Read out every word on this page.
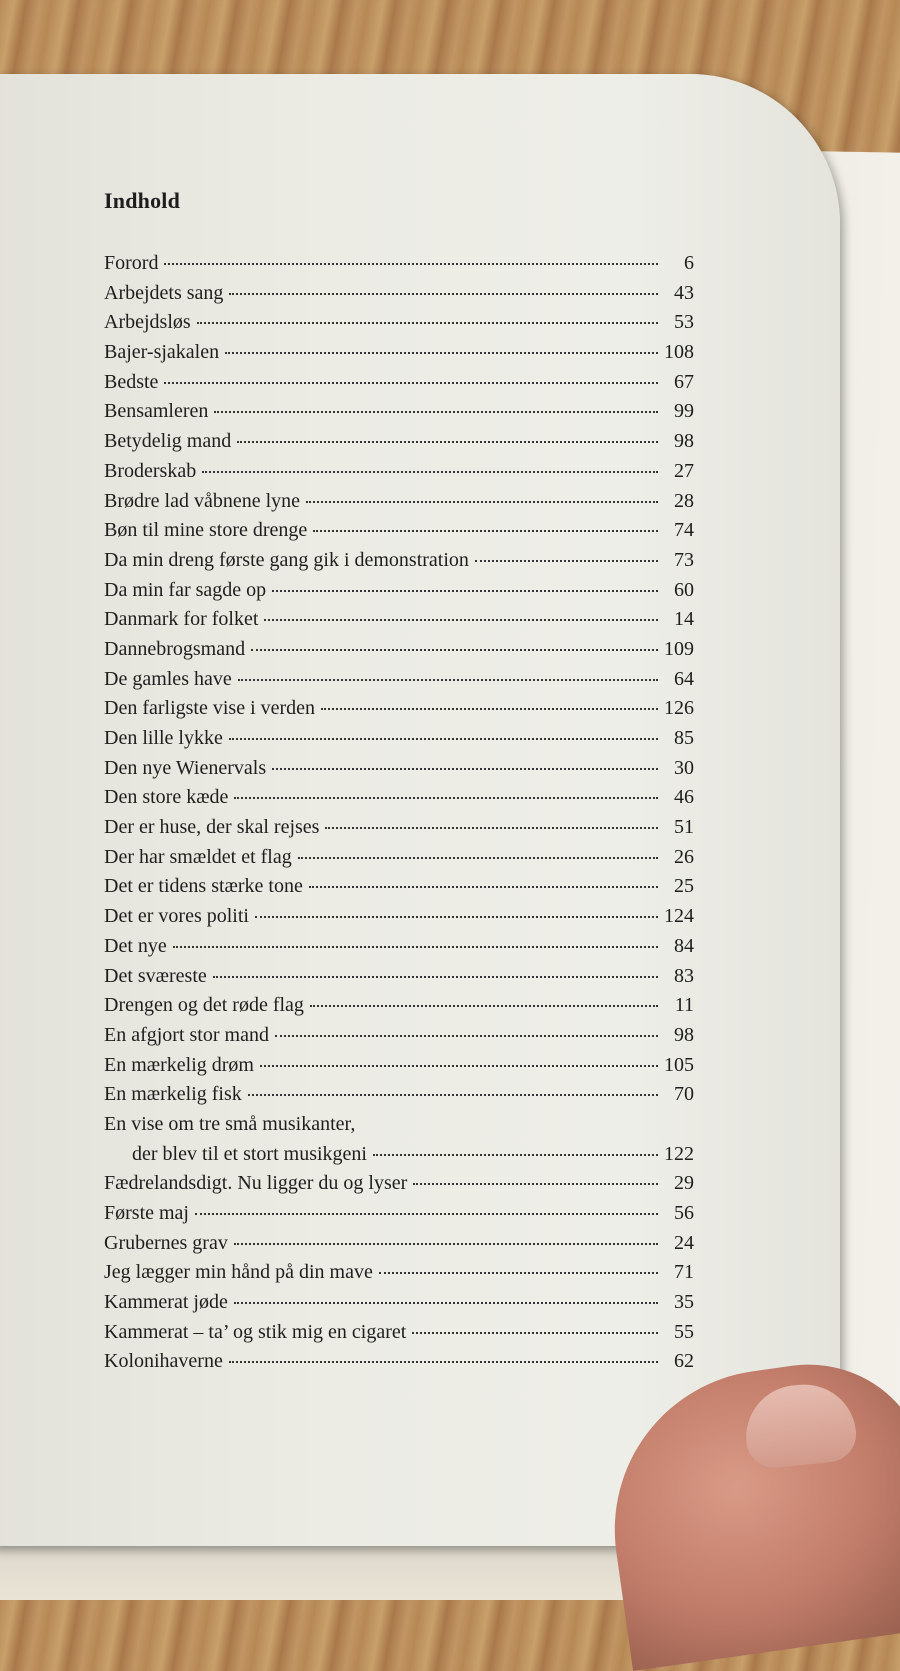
Indhold
Forord	6
Arbejdets sang	43
Arbejdsløs	53
Bajer-sjakalen	108
Bedste	67
Bensamleren	99
Betydelig mand	98
Broderskab	27
Brødre lad våbnene lyne	28
Bøn til mine store drenge	74
Da min dreng første gang gik i demonstration	73
Da min far sagde op	60
Danmark for folket	14
Dannebrogsmand	109
De gamles have	64
Den farligste vise i verden	126
Den lille lykke	85
Den nye Wienervals	30
Den store kæde	46
Der er huse, der skal rejses	51
Der har smældet et flag	26
Det er tidens stærke tone	25
Det er vores politi	124
Det nye	84
Det sværeste	83
Drengen og det røde flag	11
En afgjort stor mand	98
En mærkelig drøm	105
En mærkelig fisk	70
En vise om tre små musikanter,
der blev til et stort musikgeni	122
Fædrelandsdigt. Nu ligger du og lyser	29
Første maj	56
Grubernes grav	24
Jeg lægger min hånd på din mave	71
Kammerat jøde	35
Kammerat – ta’ og stik mig en cigaret	55
Kolonihaverne	62
